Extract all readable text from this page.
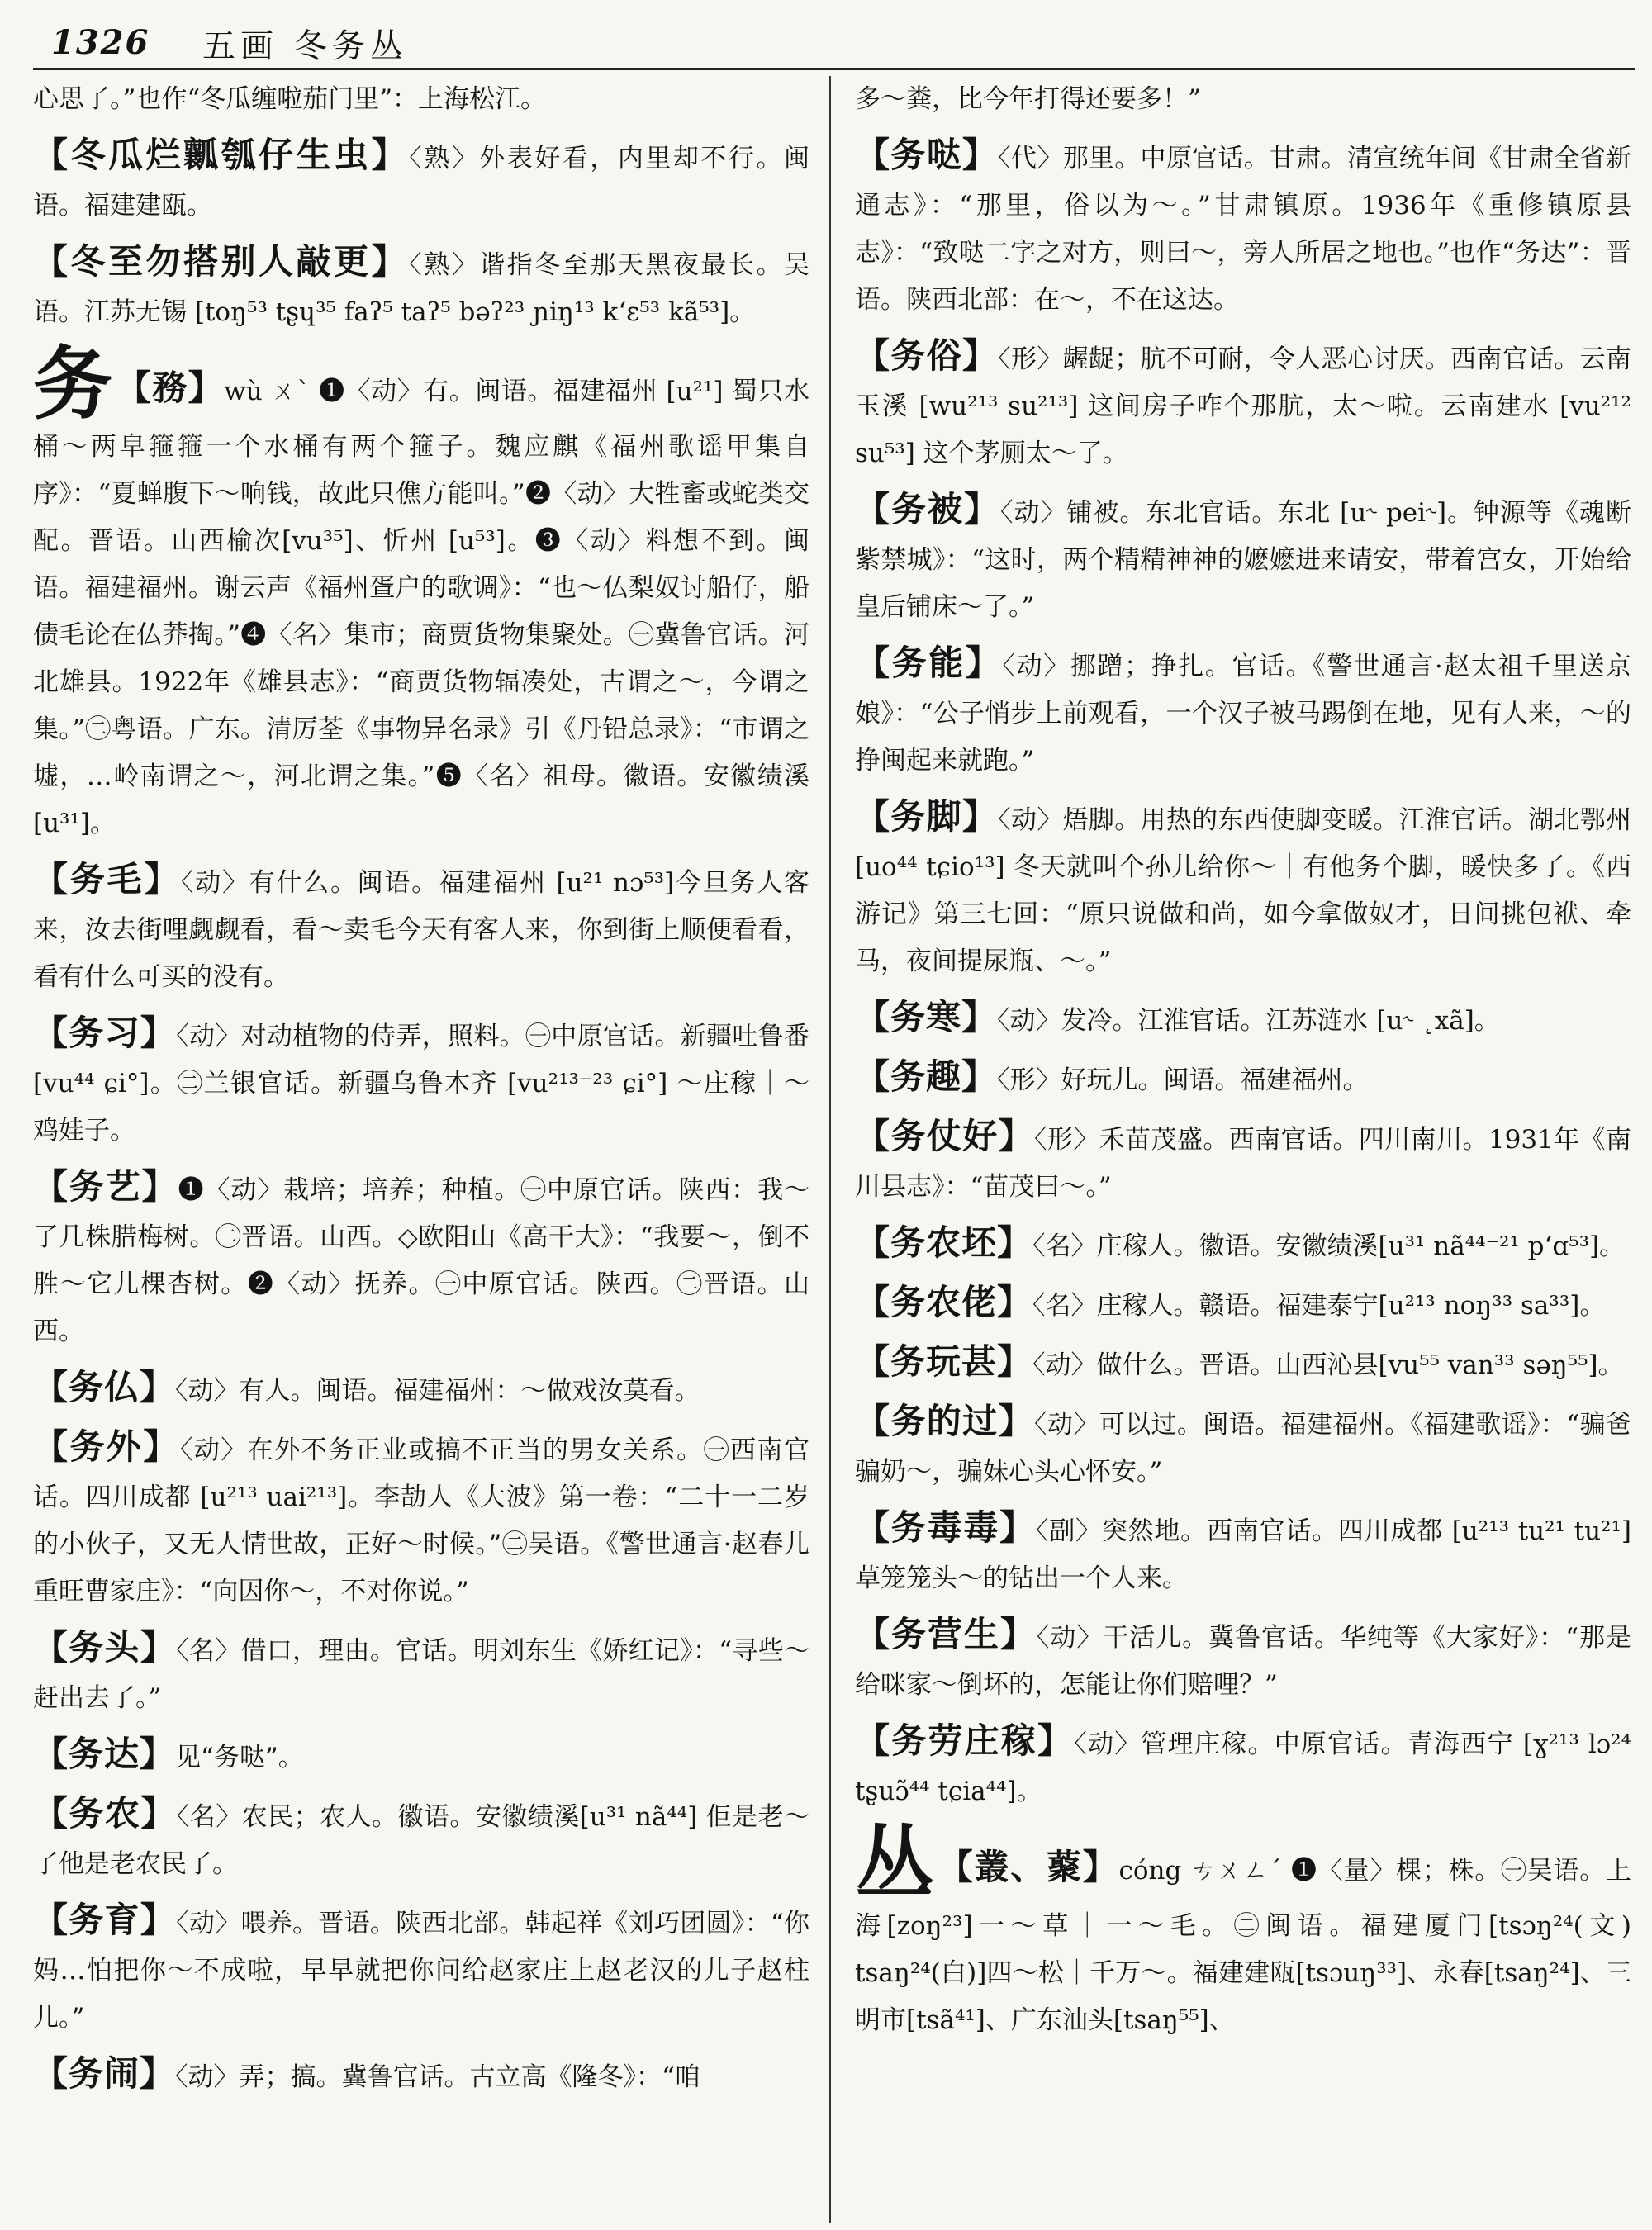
1326 五画 冬务丛

心思了。”也作“冬瓜缠啦茄门里”：上海松江。

【冬瓜烂瓤瓠仔生虫】〈熟〉外表好看，内里却不行。闽语。福建建瓯。

【冬至勿搭别人敲更】〈熟〉谐指冬至那天黑夜最长。吴语。江苏无锡 [toŋ⁵³ tʂɥ³⁵ faʔ⁵ taʔ⁵ bəʔ²³ ɲiŋ¹³ k‘ɛ⁵³ kã⁵³]。

务【務】wù ㄨˋ ❶〈动〉有。闽语。福建福州 [u²¹] 蜀只水桶～两皁箍箍一个水桶有两个箍子。魏应麒《福州歌谣甲集自序》：“夏蝉腹下～响钱，故此只僬方能叫。”❷〈动〉大牲畜或蛇类交配。晋语。山西榆次[vu³⁵]、忻州 [u⁵³]。❸〈动〉料想不到。闽语。福建福州。谢云声《福州疍户的歌调》：“也～仏梨奴讨船仔，船债毛论在仏莽掏。”❹〈名〉集市；商贾货物集聚处。㊀冀鲁官话。河北雄县。1922年《雄县志》：“商贾货物辐凑处，古谓之～，今谓之集。”㊁粤语。广东。清厉荃《事物异名录》引《丹铅总录》：“市谓之墟，…岭南谓之～，河北谓之集。”❺〈名〉祖母。徽语。安徽绩溪 [u³¹]。

【务毛】〈动〉有什么。闽语。福建福州 [u²¹ nɔ⁵³]今旦务人客来，汝去街哩觑觑看，看～卖毛今天有客人来，你到街上顺便看看，看有什么可买的没有。

【务习】〈动〉对动植物的侍弄，照料。㊀中原官话。新疆吐鲁番 [vu⁴⁴ ɕi°]。㊁兰银官话。新疆乌鲁木齐 [vu²¹³⁻²³ ɕi°] ～庄稼｜～鸡娃子。

【务艺】❶〈动〉栽培；培养；种植。㊀中原官话。陕西：我～了几株腊梅树。㊁晋语。山西。◇欧阳山《高干大》：“我要～，倒不胜～它儿棵杏树。❷〈动〉抚养。㊀中原官话。陕西。㊁晋语。山西。

【务仏】〈动〉有人。闽语。福建福州：～做戏汝莫看。

【务外】〈动〉在外不务正业或搞不正当的男女关系。㊀西南官话。四川成都 [u²¹³ uai²¹³]。李劼人《大波》第一卷：“二十一二岁的小伙子，又无人情世故，正好～时候。”㊁吴语。《警世通言·赵春儿重旺曹家庄》：“向因你～，不对你说。”

【务头】〈名〉借口，理由。官话。明刘东生《娇红记》：“寻些～赶出去了。”

【务达】见“务哒”。

【务农】〈名〉农民；农人。徽语。安徽绩溪[u³¹ nã⁴⁴] 佢是老～了他是老农民了。

【务育】〈动〉喂养。晋语。陕西北部。韩起祥《刘巧团圆》：“你妈…怕把你～不成啦，早早就把你问给赵家庄上赵老汉的儿子赵柱儿。”

【务闹】〈动〉弄；搞。冀鲁官话。古立高《隆冬》：“咱

多～粪，比今年打得还要多！”

【务哒】〈代〉那里。中原官话。甘肃。清宣统年间《甘肃全省新通志》：“那里，俗以为～。”甘肃镇原。1936年《重修镇原县志》：“致哒二字之对方，则曰～，旁人所居之地也。”也作“务达”：晋语。陕西北部：在～，不在这达。

【务俗】〈形〉龌龊；肮不可耐，令人恶心讨厌。西南官话。云南玉溪 [wu²¹³ su²¹³] 这间房子咋个那肮，太～啦。云南建水 [vu²¹² su⁵³] 这个茅厕太～了。

【务被】〈动〉铺被。东北官话。东北 [u˞ pei˞]。钟源等《魂断紫禁城》：“这时，两个精精神神的嬷嬷进来请安，带着宫女，开始给皇后铺床～了。”

【务能】〈动〉挪蹭；挣扎。官话。《警世通言·赵太祖千里送京娘》：“公子悄步上前观看，一个汉子被马踢倒在地，见有人来，～的挣闽起来就跑。”

【务脚】〈动〉焐脚。用热的东西使脚变暖。江淮官话。湖北鄂州 [uo⁴⁴ tɕio¹³] 冬天就叫个孙儿给你～｜有他务个脚，暖快多了。《西游记》第三七回：“原只说做和尚，如今拿做奴才，日间挑包袱、牵马，夜间提尿瓶、～。”

【务寒】〈动〉发冷。江淮官话。江苏涟水 [u˞ ˛xã]。

【务趣】〈形〉好玩儿。闽语。福建福州。

【务仗好】〈形〉禾苗茂盛。西南官话。四川南川。1931年《南川县志》：“苗茂曰～。”

【务农坯】〈名〉庄稼人。徽语。安徽绩溪[u³¹ nã⁴⁴⁻²¹ p‘ɑ⁵³]。

【务农佬】〈名〉庄稼人。赣语。福建泰宁[u²¹³ noŋ³³ sa³³]。

【务玩甚】〈动〉做什么。晋语。山西沁县[vu⁵⁵ van³³ səŋ⁵⁵]。

【务的过】〈动〉可以过。闽语。福建福州。《福建歌谣》：“骗爸骗奶～，骗妹心头心怀安。”

【务毒毒】〈副〉突然地。西南官话。四川成都 [u²¹³ tu²¹ tu²¹] 草笼笼头～的钻出一个人来。

【务营生】〈动〉干活儿。冀鲁官话。华纯等《大家好》：“那是给咪家～倒坏的，怎能让你们赔哩？”

【务劳庄稼】〈动〉管理庄稼。中原官话。青海西宁 [ɣ²¹³ lɔ²⁴ tʂuɔ̃⁴⁴ tɕia⁴⁴]。

丛【叢、藂】cóng ㄘㄨㄥˊ ❶〈量〉棵；株。㊀吴语。上海[zoŋ²³]一～草｜一～毛。㊁闽语。福建厦门[tsɔŋ²⁴(文) tsaŋ²⁴(白)]四～松｜千万～。福建建瓯[tsɔuŋ³³]、永春[tsaŋ²⁴]、三明市[tsã⁴¹]、广东汕头[tsaŋ⁵⁵]、
